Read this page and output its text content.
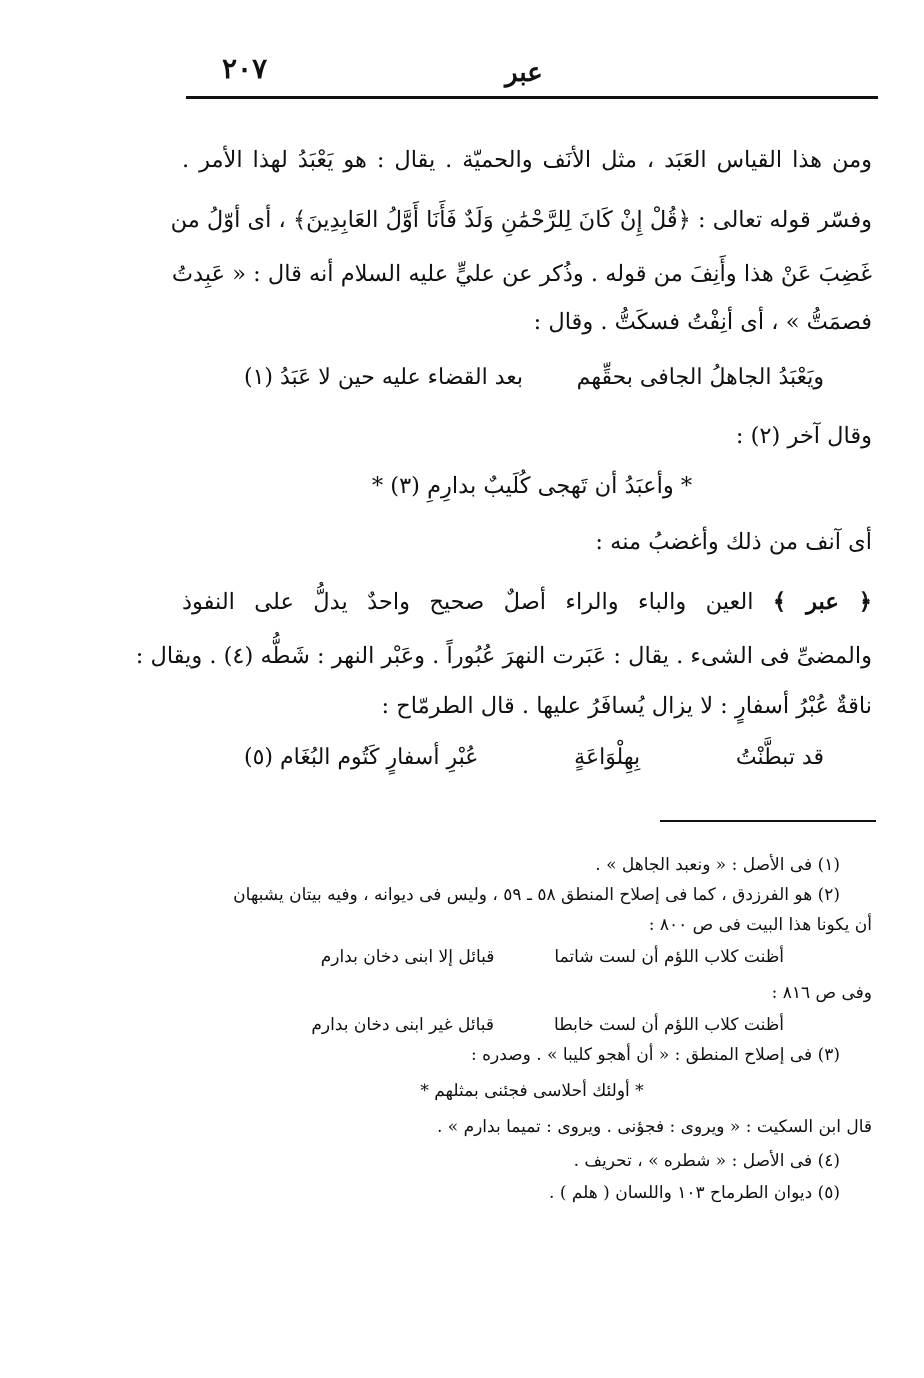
٢٠٧	عبر
ومن هذا القياس العَبَد ، مثل الأنَف والحميّة . يقال : هو يَعْبَدُ لهذا الأمر .
وفسّر قوله تعالى : ﴿قُلْ إِنْ كَانَ لِلرَّحْمَٰنِ وَلَدٌ فَأَنَا أَوَّلُ العَابِدِينَ﴾ ، أى أوّلُ من
غَضِبَ عَنْ هذا وأَنِفَ من قوله . وذُكر عن عليٍّ عليه السلام أنه قال : « عَبِدتُ
فصمَتُّ » ، أى أنِفْتُ فسكَتُّ . وقال :
ويَعْبَدُ الجاهلُ الجافى بحقِّهم
بعد القضاء عليه حين لا عَبَدُ (١)
وقال آخر (٢) :
* وأعبَدُ أن تَهجى كُلَيبٌ بدارِمِ (٣) *
أى آنف من ذلك وأغضبُ منه :
﴿ عبر ﴾ العين والباء والراء أصلٌ صحيح واحدٌ يدلُّ على النفوذ
والمضىِّ فى الشىء . يقال : عَبَرت النهرَ عُبُوراً . وعَبْر النهر : شَطُّه (٤) . ويقال :
ناقةٌ عُبْرُ أسفارٍ : لا يزال يُسافَرُ عليها . قال الطرمّاح :
قد تبطَّنْتُ
بِهِلْوَاعَةٍ
عُبْرِ أسفارٍ كَتُوم البُغَام (٥)
(١) فى الأصل : « ونعبد الجاهل » .
(٢) هو الفرزدق ، كما فى إصلاح المنطق ٥٨ ـ ٥٩ ، وليس فى ديوانه ، وفيه بيتان يشبهان
أن يكونا هذا البيت فى ص ٨٠٠ :
أظنت كلاب اللؤم أن لست شاتما
قبائل إلا ابنى دخان بدارم
وفى ص ٨١٦ :
أظنت كلاب اللؤم أن لست خابطا
قبائل غير ابنى دخان بدارم
(٣) فى إصلاح المنطق : « أن أهجو كليبا » . وصدره :
* أولئك أحلاسى فجئنى بمثلهم *
قال ابن السكيت : « ويروى : فجؤنى . ويروى : تميما بدارم » .
(٤) فى الأصل : « شطره » ، تحريف .
(٥) ديوان الطرماح ١٠٣ واللسان ( هلم ) .
